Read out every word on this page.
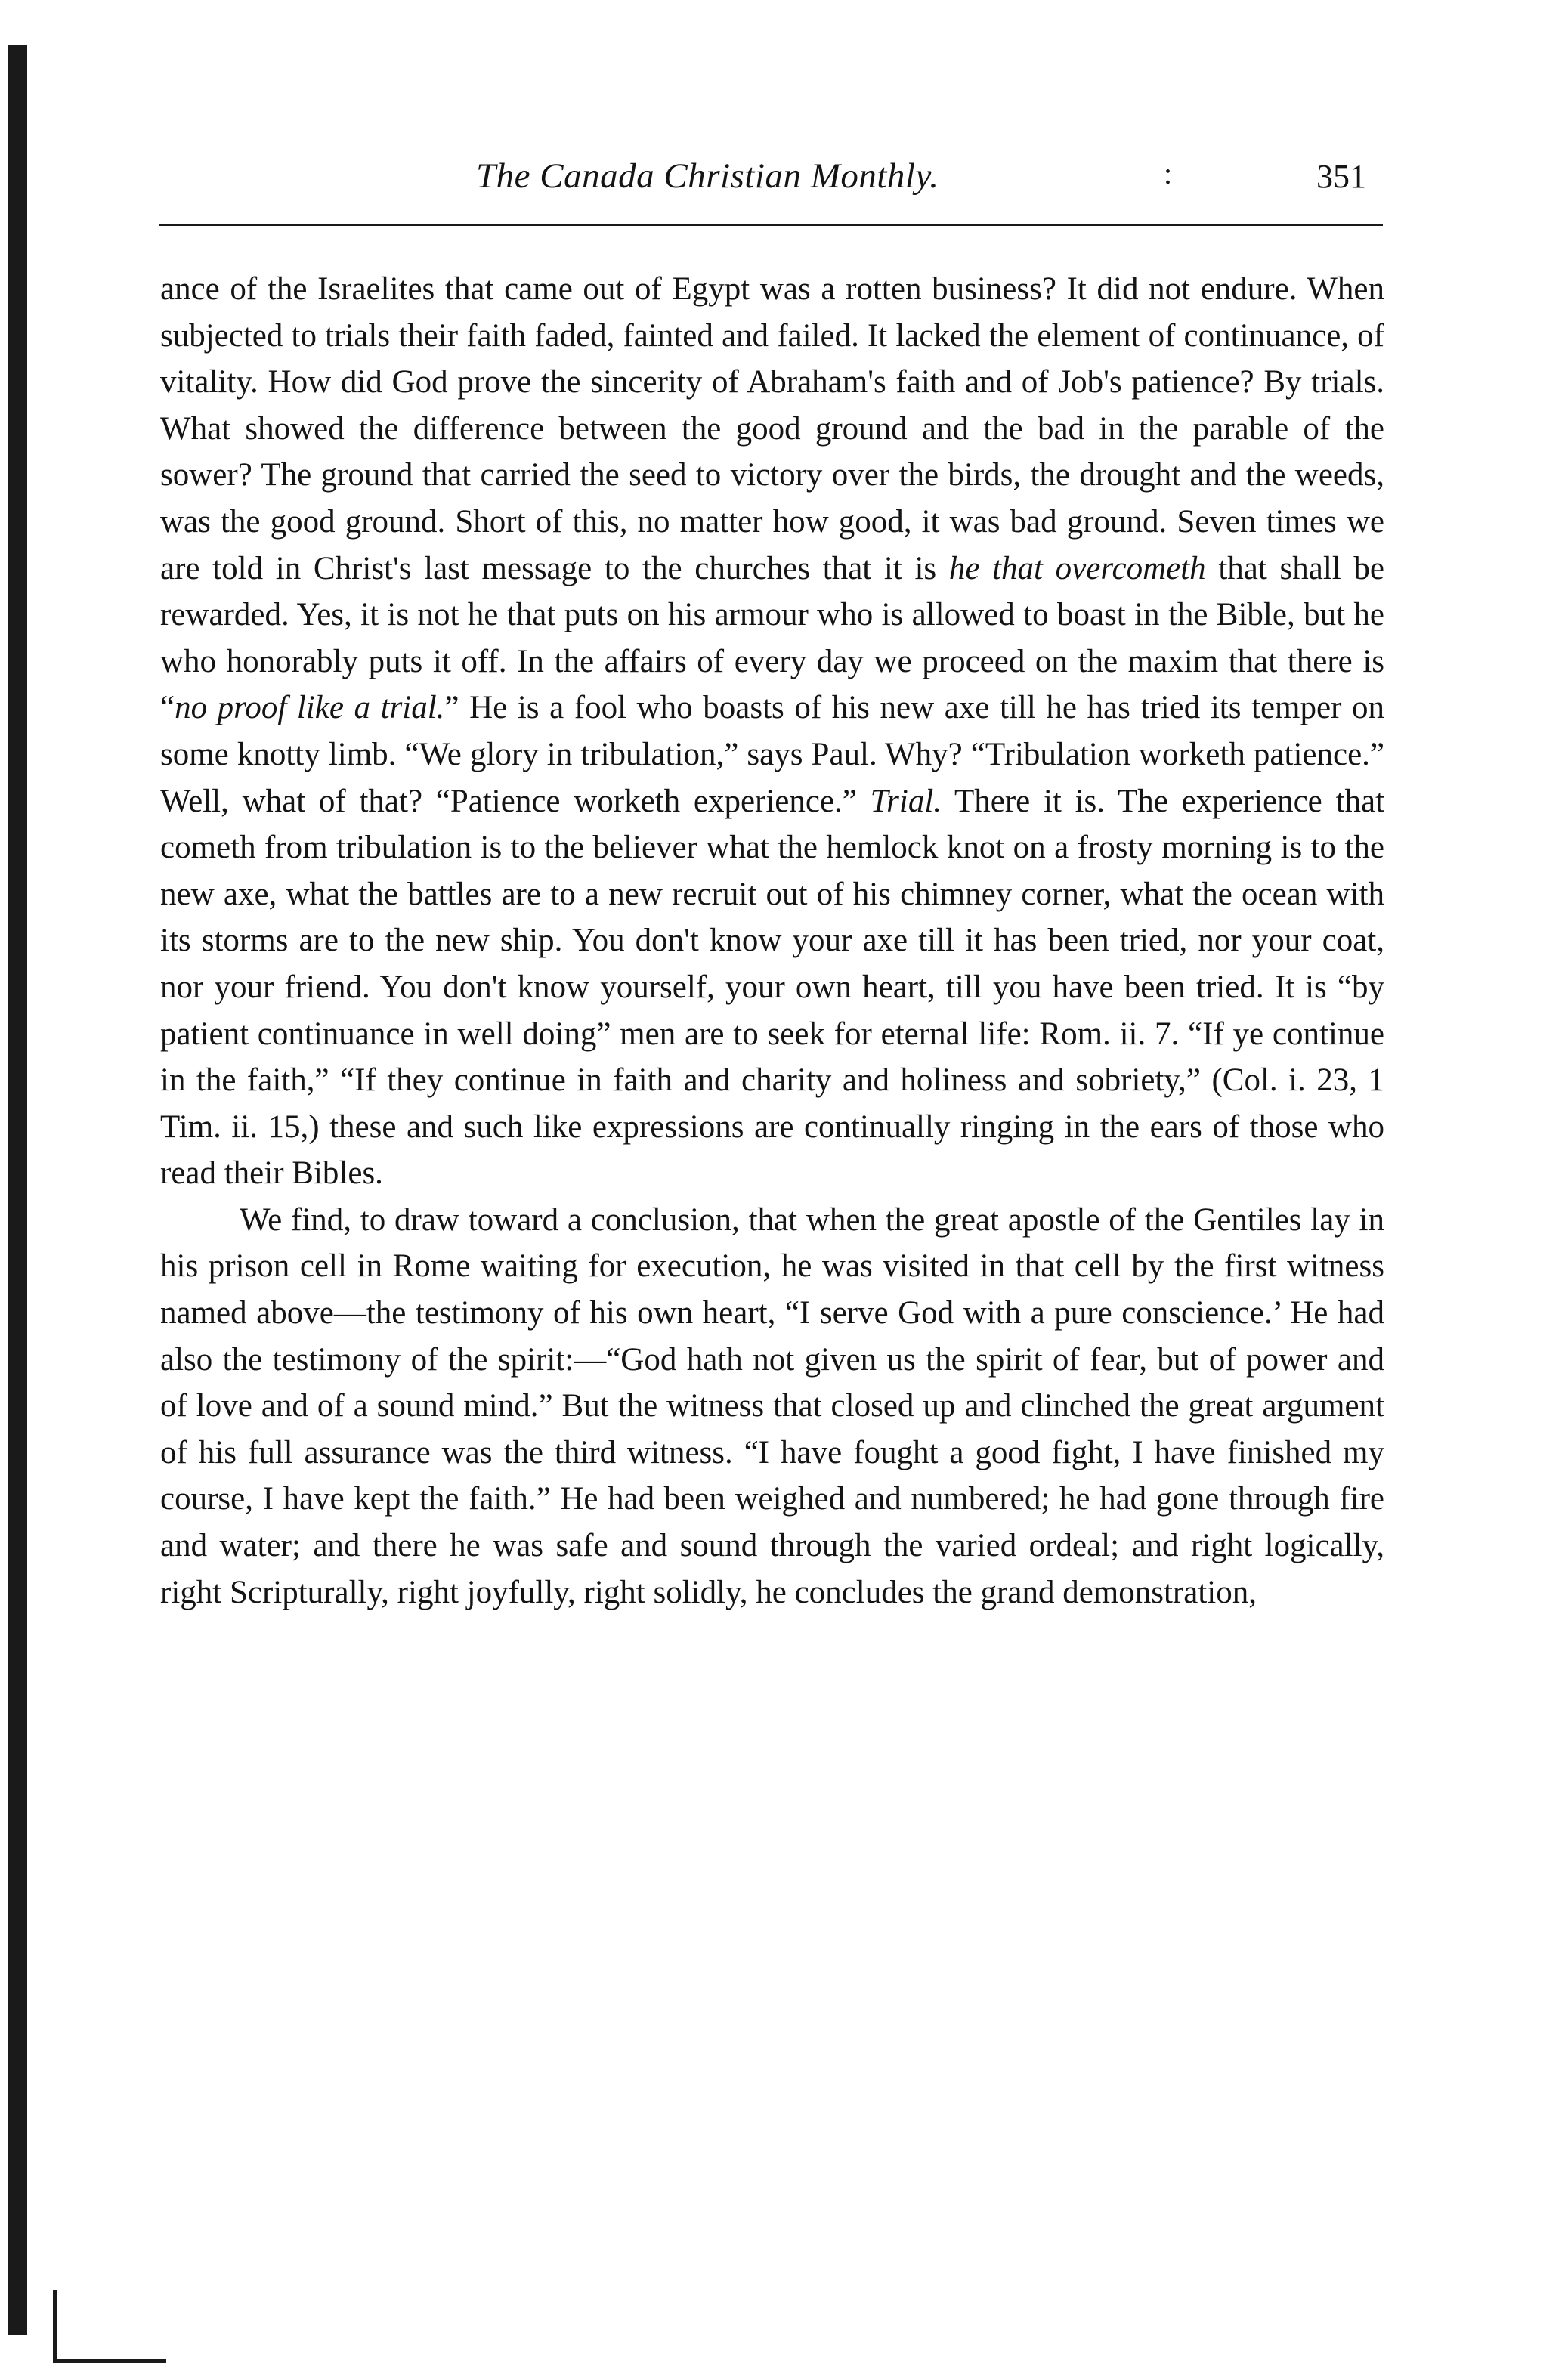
The Canada Christian Monthly.	:	351

ance of the Israelites that came out of Egypt was a rotten business? It did not endure. When subjected to trials their faith faded, fainted and failed. It lacked the element of continuance, of vitality. How did God prove the sincerity of Abraham's faith and of Job's patience? By trials. What showed the difference between the good ground and the bad in the parable of the sower? The ground that carried the seed to victory over the birds, the drought and the weeds, was the good ground. Short of this, no matter how good, it was bad ground. Seven times we are told in Christ's last message to the churches that it is he that overcometh that shall be rewarded. Yes, it is not he that puts on his armour who is allowed to boast in the Bible, but he who honorably puts it off. In the affairs of every day we proceed on the maxim that there is “no proof like a trial.” He is a fool who boasts of his new axe till he has tried its temper on some knotty limb. “We glory in tribulation,” says Paul. Why? “Tribulation worketh patience.” Well, what of that? “Patience worketh experience.” Trial. There it is. The experience that cometh from tribulation is to the believer what the hemlock knot on a frosty morning is to the new axe, what the battles are to a new recruit out of his chimney corner, what the ocean with its storms are to the new ship. You don't know your axe till it has been tried, nor your coat, nor your friend. You don't know yourself, your own heart, till you have been tried. It is “by patient continuance in well doing” men are to seek for eternal life: Rom. ii. 7. “If ye continue in the faith,” “If they continue in faith and charity and holiness and sobriety,” (Col. i. 23, 1 Tim. ii. 15,) these and such like expressions are continually ringing in the ears of those who read their Bibles.

We find, to draw toward a conclusion, that when the great apostle of the Gentiles lay in his prison cell in Rome waiting for execution, he was visited in that cell by the first witness named above—the testimony of his own heart, “I serve God with a pure conscience.’ He had also the testimony of the spirit:—“God hath not given us the spirit of fear, but of power and of love and of a sound mind.” But the witness that closed up and clinched the great argument of his full assurance was the third witness. “I have fought a good fight, I have finished my course, I have kept the faith.” He had been weighed and numbered; he had gone through fire and water; and there he was safe and sound through the varied ordeal; and right logically, right Scripturally, right joyfully, right solidly, he concludes the grand demonstration,
